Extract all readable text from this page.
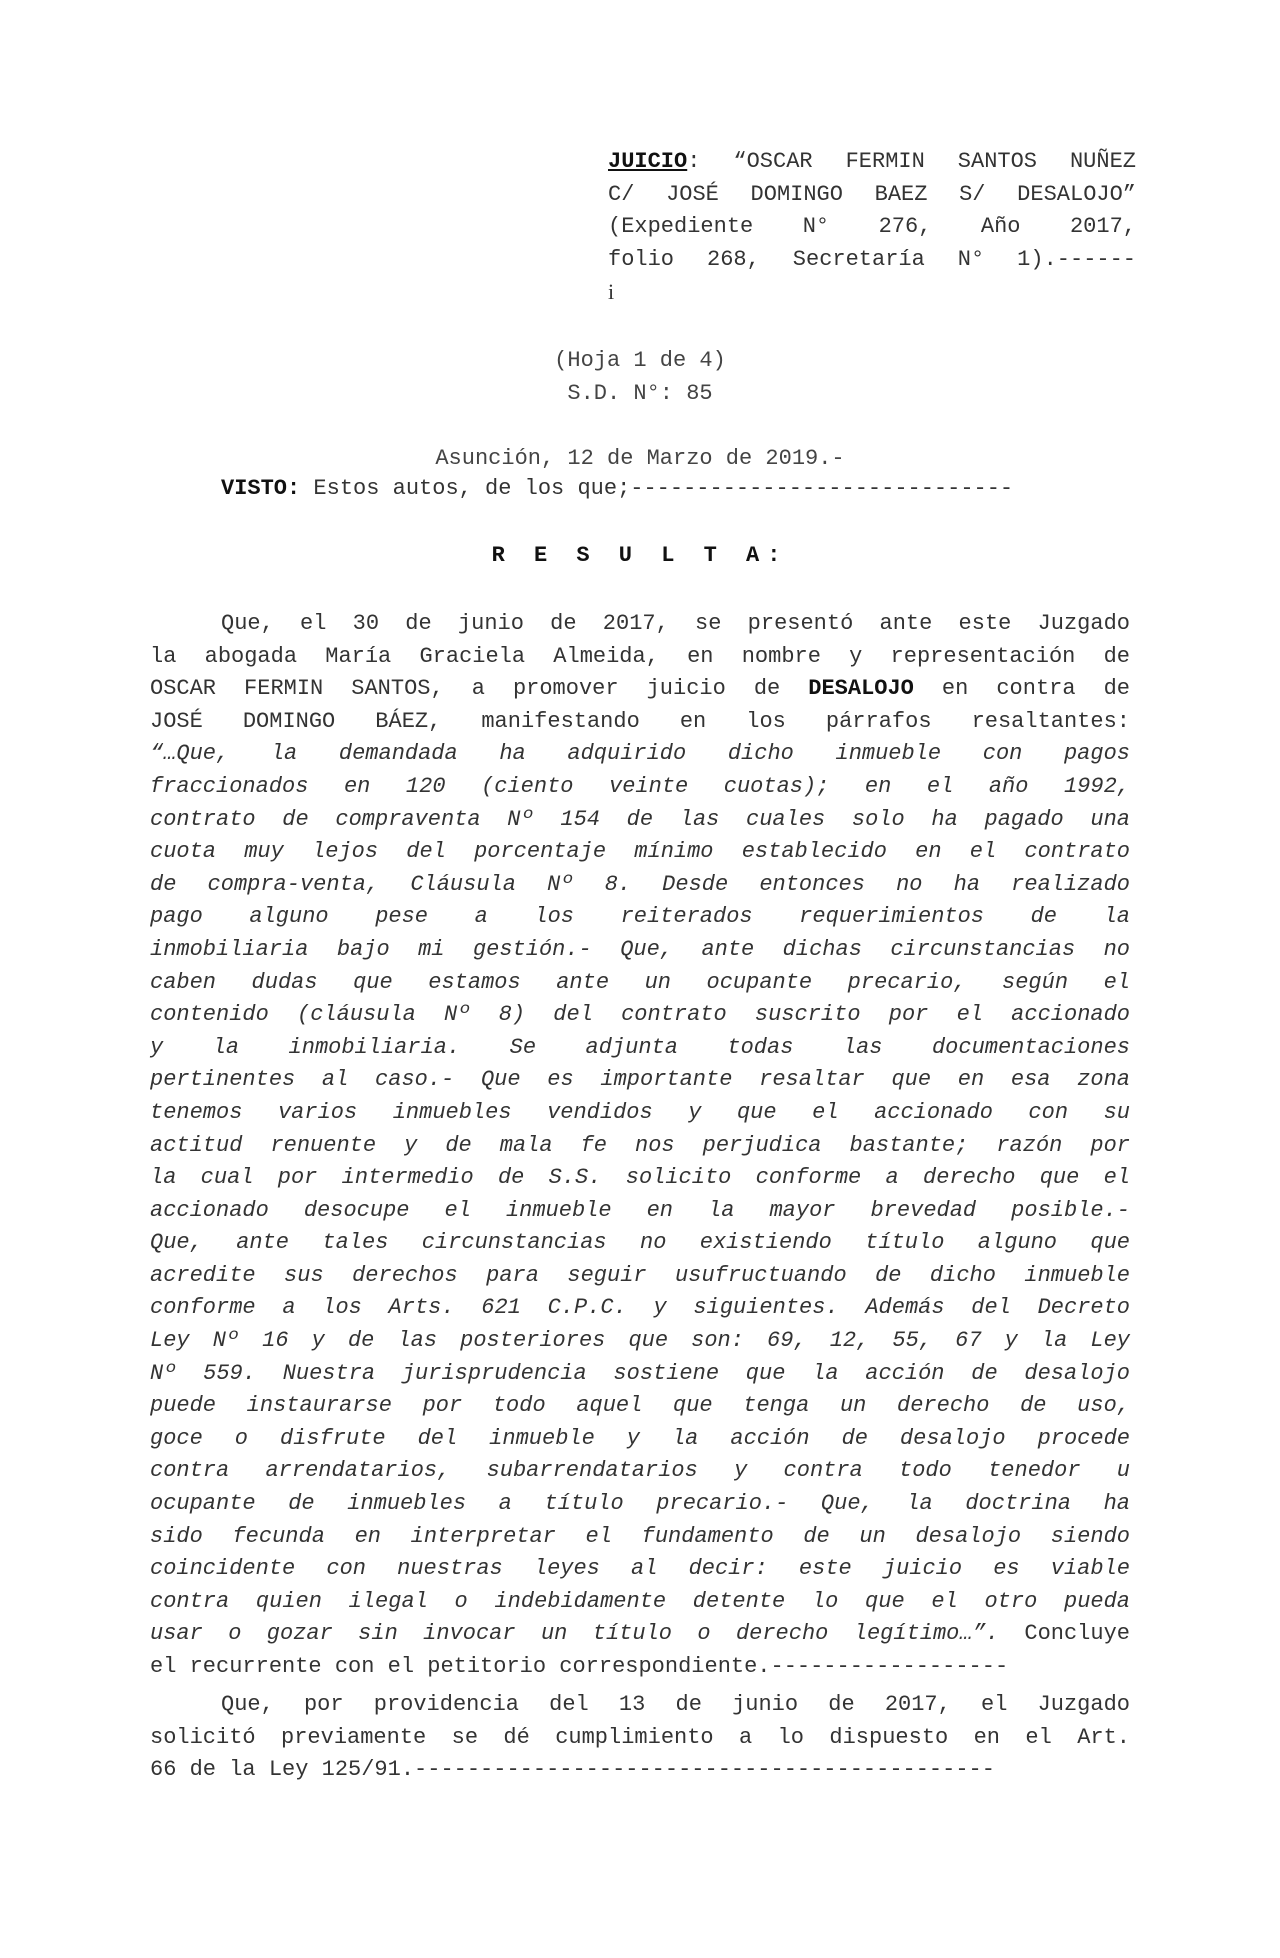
JUICIO: “OSCAR FERMIN SANTOS NUÑEZ
C/ JOSÉ DOMINGO BAEZ S/ DESALOJO”
(Expediente N° 276, Año 2017,
folio 268, Secretaría N° 1).------
i
(Hoja 1 de 4)
S.D. N°: 85
Asunción, 12 de Marzo de 2019.-
VISTO: Estos autos, de los que;-----------------------------
R E S U L T A:
Que, el 30 de junio de 2017, se presentó ante este Juzgado
la abogada María Graciela Almeida, en nombre y representación de
OSCAR FERMIN SANTOS, a promover juicio de DESALOJO en contra de
JOSÉ DOMINGO BÁEZ, manifestando en los párrafos resaltantes:
“…Que, la demandada ha adquirido dicho inmueble con pagos
fraccionados en 120 (ciento veinte cuotas); en el año 1992,
contrato de compraventa Nº 154 de las cuales solo ha pagado una
cuota muy lejos del porcentaje mínimo establecido en el contrato
de compra-venta, Cláusula Nº 8. Desde entonces no ha realizado
pago alguno pese a los reiterados requerimientos de la
inmobiliaria bajo mi gestión.- Que, ante dichas circunstancias no
caben dudas que estamos ante un ocupante precario, según el
contenido (cláusula Nº 8) del contrato suscrito por el accionado
y la inmobiliaria. Se adjunta todas las documentaciones
pertinentes al caso.- Que es importante resaltar que en esa zona
tenemos varios inmuebles vendidos y que el accionado con su
actitud renuente y de mala fe nos perjudica bastante; razón por
la cual por intermedio de S.S. solicito conforme a derecho que el
accionado desocupe el inmueble en la mayor brevedad posible.-
Que, ante tales circunstancias no existiendo título alguno que
acredite sus derechos para seguir usufructuando de dicho inmueble
conforme a los Arts. 621 C.P.C. y siguientes. Además del Decreto
Ley Nº 16 y de las posteriores que son: 69, 12, 55, 67 y la Ley
Nº 559. Nuestra jurisprudencia sostiene que la acción de desalojo
puede instaurarse por todo aquel que tenga un derecho de uso,
goce o disfrute del inmueble y la acción de desalojo procede
contra arrendatarios, subarrendatarios y contra todo tenedor u
ocupante de inmuebles a título precario.- Que, la doctrina ha
sido fecunda en interpretar el fundamento de un desalojo siendo
coincidente con nuestras leyes al decir: este juicio es viable
contra quien ilegal o indebidamente detente lo que el otro pueda
usar o gozar sin invocar un título o derecho legítimo…”. Concluye
el recurrente con el petitorio correspondiente.------------------
Que, por providencia del 13 de junio de 2017, el Juzgado
solicitó previamente se dé cumplimiento a lo dispuesto en el Art.
66 de la Ley 125/91.--------------------------------------------
